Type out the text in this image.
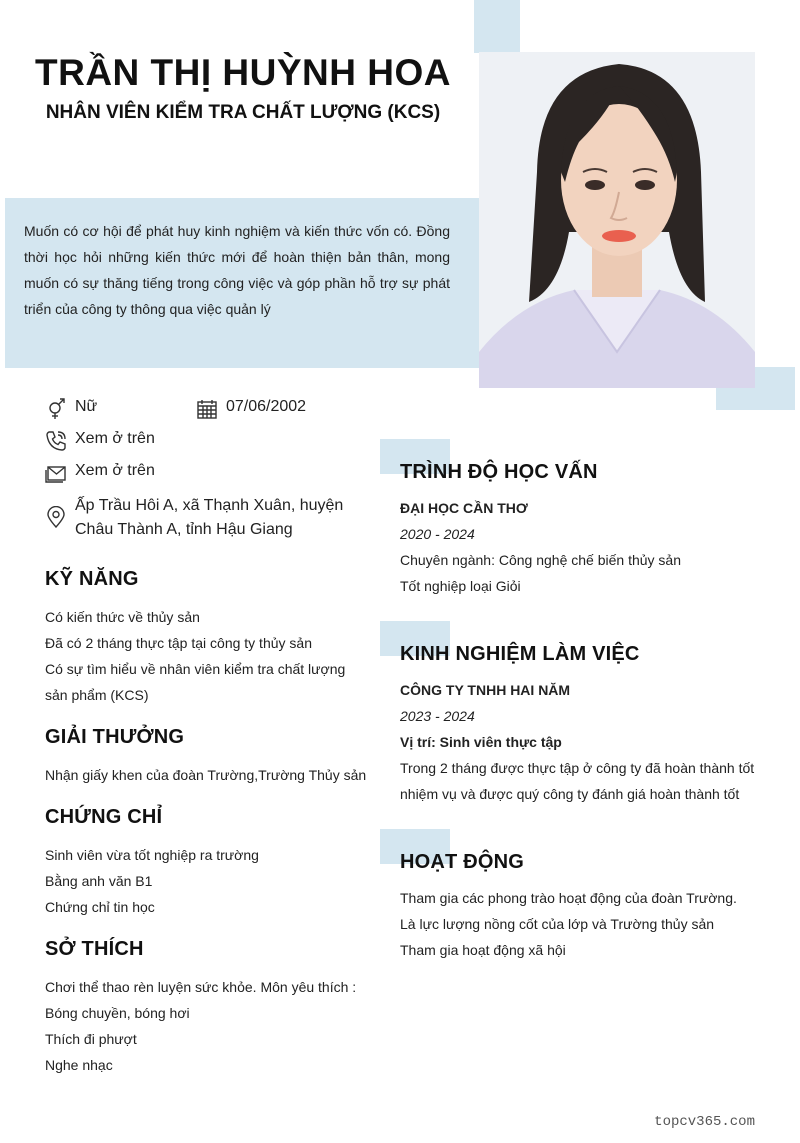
TRẦN THỊ HUỲNH HOA
NHÂN VIÊN KIỂM TRA CHẤT LƯỢNG (KCS)

Muốn có cơ hội để phát huy kinh nghiệm và kiến thức vốn có. Đồng thời học hỏi những kiến thức mới để hoàn thiện bản thân, mong muốn có sự thăng tiếng trong công việc và góp phần hỗ trợ sự phát triển của công ty thông qua việc quản lý

Nữ	07/06/2002
Xem ở trên
Xem ở trên
Ấp Trầu Hôi A, xã Thạnh Xuân, huyện
Châu Thành A, tỉnh Hậu Giang
KỸ NĂNG
Có kiến thức về thủy sản
Đã có 2 tháng thực tập tại công ty thủy sản
Có sự tìm hiểu về nhân viên kiểm tra chất lượng
sản phẩm (KCS)
GIẢI THƯỞNG
Nhận giấy khen của đoàn Trường,Trường Thủy sản
CHỨNG CHỈ
Sinh viên vừa tốt nghiệp ra trường
Bằng anh văn B1
Chứng chỉ tin học
SỞ THÍCH
Chơi thể thao rèn luyện sức khỏe. Môn yêu thích :
Bóng chuyền, bóng hơi
Thích đi phượt
Nghe nhạc
TRÌNH ĐỘ HỌC VẤN
ĐẠI HỌC CẦN THƠ
2020 - 2024
Chuyên ngành: Công nghệ chế biến thủy sản
Tốt nghiệp loại Giỏi
KINH NGHIỆM LÀM VIỆC
CÔNG TY TNHH HAI NĂM
2023 - 2024
Vị trí: Sinh viên thực tập
Trong 2 tháng được thực tập ở công ty đã hoàn thành tốt
nhiệm vụ và được quý công ty đánh giá hoàn thành tốt
HOẠT ĐỘNG
Tham gia các phong trào hoạt động của đoàn Trường.
Là lực lượng nồng cốt của lớp và Trường thủy sản
Tham gia hoạt động xã hội
topcv365.com
